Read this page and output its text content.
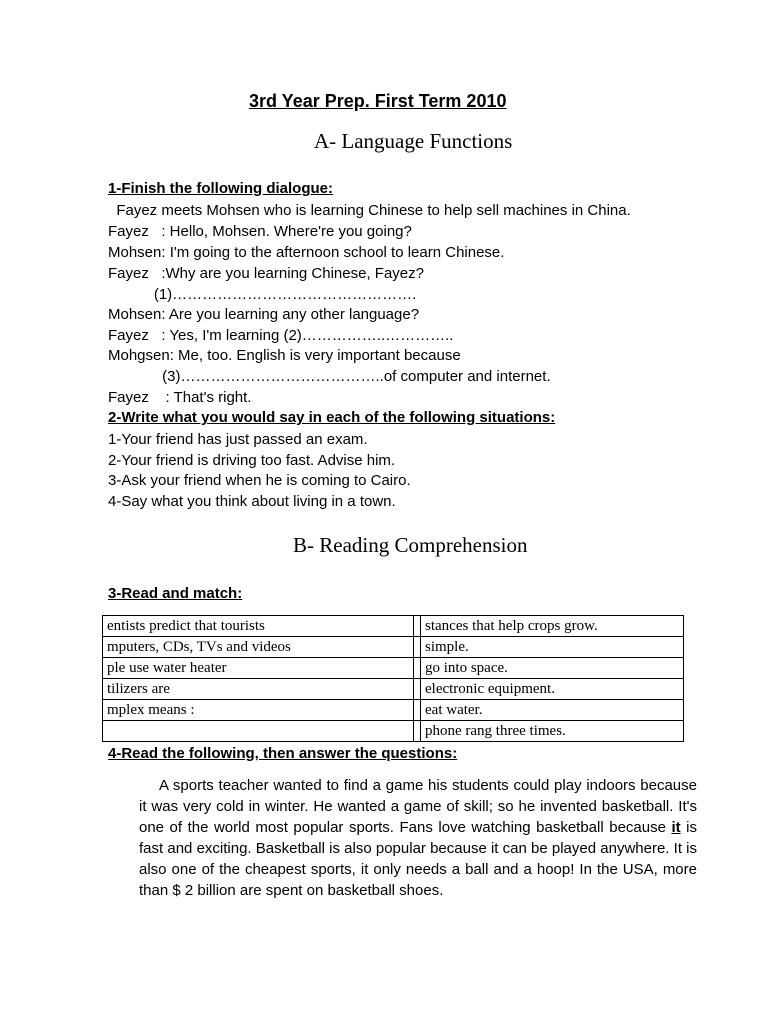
3rd Year Prep. First Term 2010
A- Language Functions
1-Finish the following dialogue:
Fayez meets Mohsen who is learning Chinese to help sell machines in China.
Fayez   : Hello, Mohsen. Where're you going?
Mohsen: I'm going to the afternoon school to learn Chinese.
Fayez   :Why are you learning Chinese, Fayez?
(1)………………………………………….
Mohsen: Are you learning any other language?
Fayez   : Yes, I'm learning (2)……………..…………..
Mohgsen: Me, too. English is very important because
(3)…………………………………..of computer and internet.
Fayez    : That's right.
2-Write what you would say in each of the following situations:
1-Your friend has just passed an exam.
2-Your friend is driving too fast. Advise him.
3-Ask your friend when he is coming to Cairo.
4-Say what you think about living in a town.
B- Reading Comprehension
3-Read and match:
entists predict that tourists		stances that help crops grow.
mputers, CDs, TVs and videos		simple.
ple use water heater		go into space.
tilizers are		electronic equipment.
mplex means :		eat water.
		phone rang three times.
4-Read the following, then answer the questions:
A sports teacher wanted to find a game his students could play indoors because it was very cold in winter. He wanted a game of skill; so he invented basketball. It's one of the world most popular sports. Fans love watching basketball because it is fast and exciting. Basketball is also popular because it can be played anywhere. It is also one of the cheapest sports, it only needs a ball and a hoop! In the USA, more than $ 2 billion are spent on basketball shoes.
